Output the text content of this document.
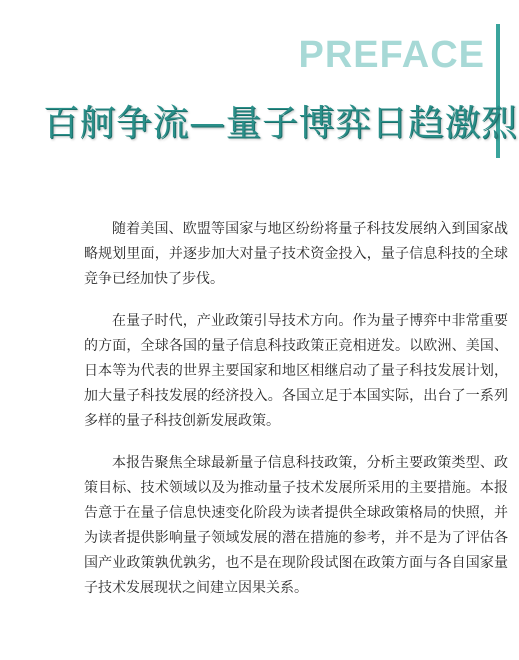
PREFACE
百舸争流—量子博弈日趋激烈

随着美国、欧盟等国家与地区纷纷将量子科技发展纳入到国家战略规划里面，并逐步加大对量子技术资金投入，量子信息科技的全球竞争已经加快了步伐。

在量子时代，产业政策引导技术方向。作为量子博弈中非常重要的方面，全球各国的量子信息科技政策正竞相迸发。以欧洲、美国、日本等为代表的世界主要国家和地区相继启动了量子科技发展计划，加大量子科技发展的经济投入。各国立足于本国实际，出台了一系列多样的量子科技创新发展政策。

本报告聚焦全球最新量子信息科技政策，分析主要政策类型、政策目标、技术领域以及为推动量子技术发展所采用的主要措施。本报告意于在量子信息快速变化阶段为读者提供全球政策格局的快照，并为读者提供影响量子领域发展的潜在措施的参考，并不是为了评估各国产业政策孰优孰劣，也不是在现阶段试图在政策方面与各自国家量子技术发展现状之间建立因果关系。
